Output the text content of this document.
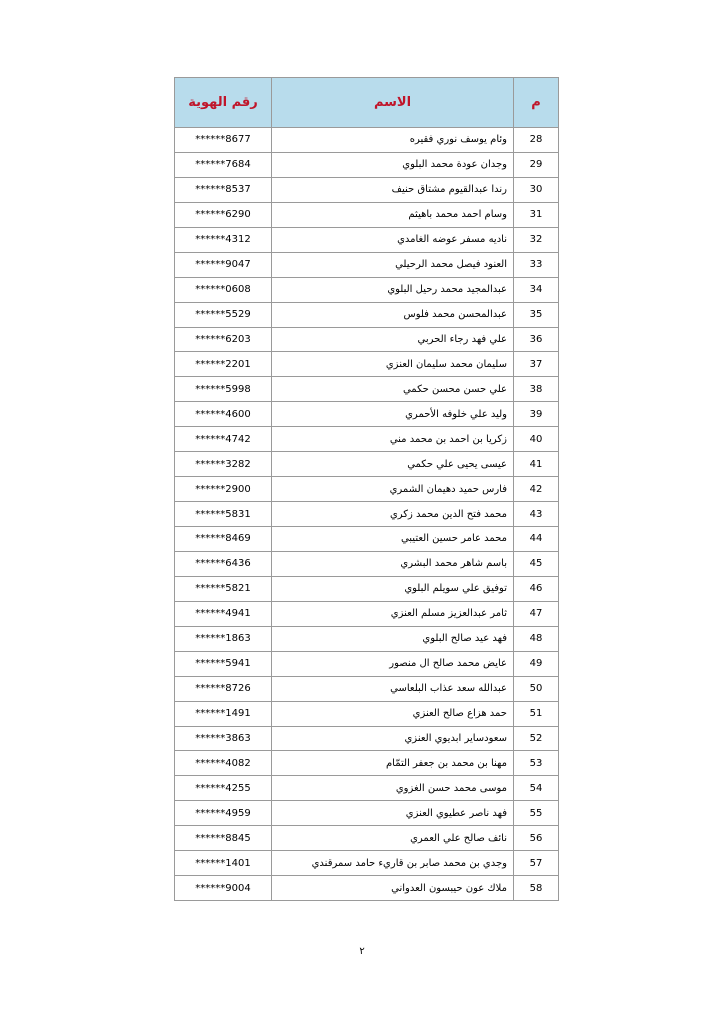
م	الاسم	رقم الهوية
28	وئام يوسف نوري فقيره	******8677
29	وجدان عودة محمد البلوي	******7684
30	رندا عبدالقيوم مشتاق حنيف	******8537
31	وسام احمد محمد باهيثم	******6290
32	ناديه مسفر عوضه الغامدي	******4312
33	العنود فيصل محمد الرحيلي	******9047
34	عبدالمجيد محمد رحيل البلوي	******0608
35	عبدالمحسن محمد فلوس	******5529
36	علي فهد رجاء الحربي	******6203
37	سليمان محمد سليمان العنزي	******2201
38	علي حسن محسن حكمي	******5998
39	وليد علي خلوفه الأحمري	******4600
40	زكريا بن احمد بن محمد مني	******4742
41	عيسى يحيى علي حكمي	******3282
42	فارس حميد دهيمان الشمري	******2900
43	محمد فتح الدين محمد زكري	******5831
44	محمد عامر حسين العتيبي	******8469
45	باسم شاهر محمد البشري	******6436
46	توفيق علي سويلم البلوي	******5821
47	ثامر عبدالعزيز مسلم العنزي	******4941
48	فهد عيد صالح البلوي	******1863
49	عايض محمد صالح ال منصور	******5941
50	عبدالله سعد عذاب البلعاسي	******8726
51	حمد هزاع صالح العنزي	******1491
52	سعودساير ابديوي العنزي	******3863
53	مهنا بن محمد بن جعفر التمّام	******4082
54	موسى محمد حسن الغزوي	******4255
55	فهد ناصر عطيوي العنزي	******4959
56	نائف صالح علي العمري	******8845
57	وجدي بن محمد صابر بن قاريء حامد سمرقندي	******1401
58	ملاك عون حيبسون العدواني	******9004
٢
